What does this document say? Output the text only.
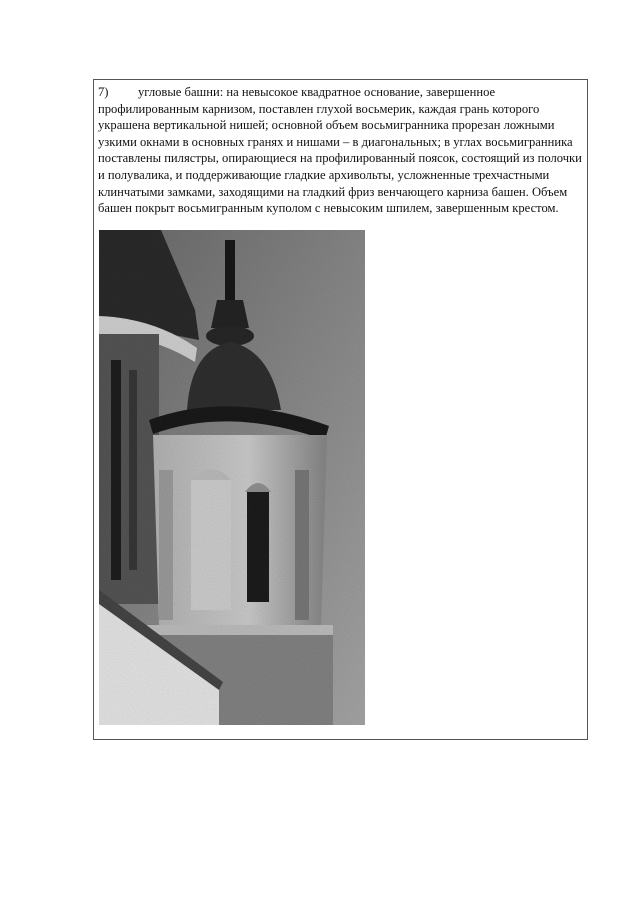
7) угловые башни: на невысокое квадратное основание, завершенное профилированным карнизом, поставлен глухой восьмерик, каждая грань которого украшена вертикальной нишей; основной объем восьмигранника прорезан ложными узкими окнами в основных гранях и нишами – в диагональных; в углах восьмигранника поставлены пилястры, опирающиеся на профилированный поясок, состоящий из полочки и полувалика, и поддерживающие гладкие архивольты, усложненные трехчастными клинчатыми замками, заходящими на гладкий фриз венчающего карниза башен. Объем башен покрыт восьмигранным куполом с невысоким шпилем, завершенным крестом.
